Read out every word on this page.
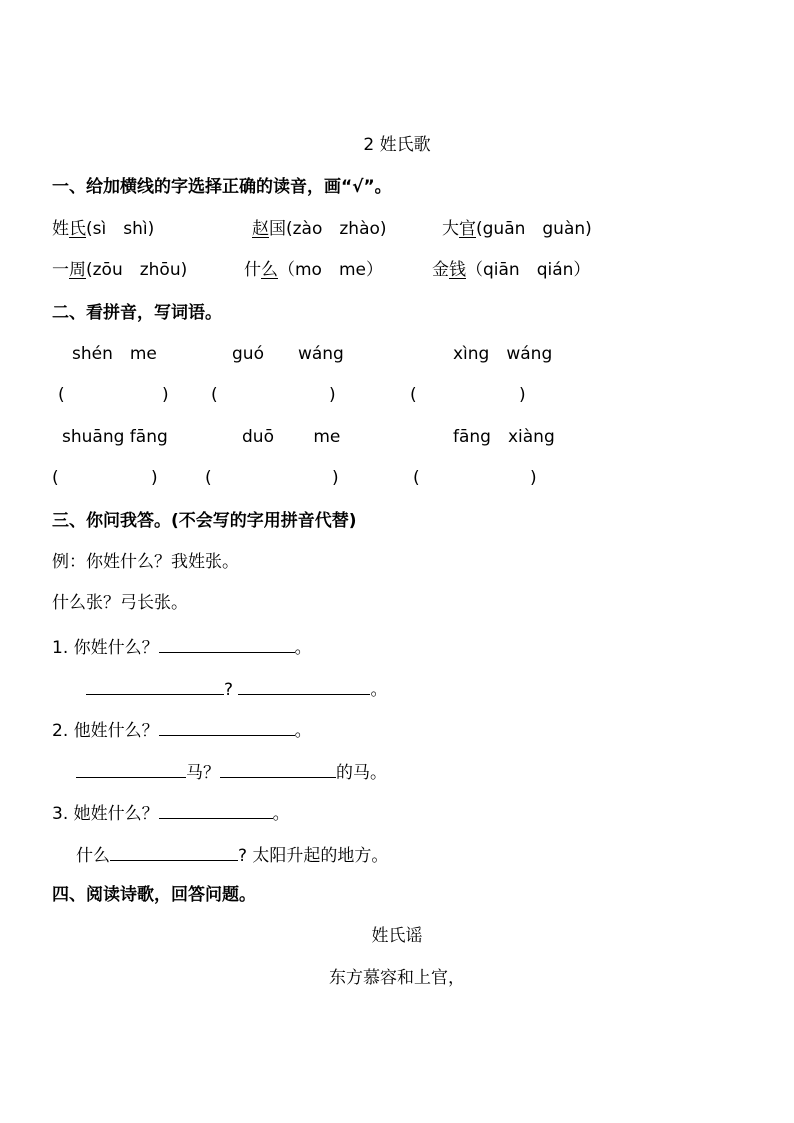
2 姓氏歌
一、给加横线的字选择正确的读音，画“√”。
姓氏(sì　shì)	赵国(zào　zhào)	大官(guān　guàn)
一周(zōu　zhōu)	什么（mo　me）	金钱（qiān　qián）
二、看拼音，写词语。
shén　me	guó　　wáng	xìng　wáng
(	) (	)	(	)
shuāng fāng	duō　　 me	fāng　xiàng
(	)	(	)	(	)
三、你问我答。(不会写的字用拼音代替)
例：你姓什么？我姓张。
什么张？弓长张。
1. 你姓什么？	。
?	。
2. 他姓什么？	。
马？	的马。
3. 她姓什么？	。
什么	? 太阳升起的地方。
四、阅读诗歌，回答问题。
姓氏谣
东方慕容和上官，
